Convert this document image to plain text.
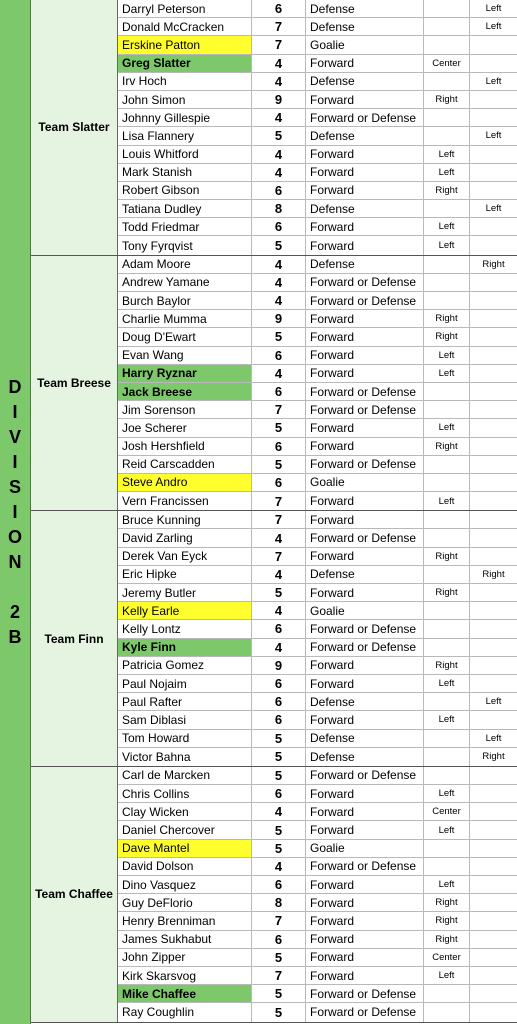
D
I
V
I
S
I
O
N
2
B
Team Slatter
Darryl Peterson	6	Defense	Left
Donald McCracken	7	Defense	Left
Erskine Patton	7	Goalie
Greg Slatter	4	Forward	Center
Irv Hoch	4	Defense	Left
John Simon	9	Forward	Right
Johnny Gillespie	4	Forward or Defense
Lisa Flannery	5	Defense	Left
Louis Whitford	4	Forward	Left
Mark Stanish	4	Forward	Left
Robert Gibson	6	Forward	Right
Tatiana Dudley	8	Defense	Left
Todd Friedmar	6	Forward	Left
Tony Fyrqvist	5	Forward	Left
Team Breese
Adam Moore	4	Defense	Right
Andrew Yamane	4	Forward or Defense
Burch Baylor	4	Forward or Defense
Charlie Mumma	9	Forward	Right
Doug D'Ewart	5	Forward	Right
Evan Wang	6	Forward	Left
Harry Ryznar	4	Forward	Left
Jack Breese	6	Forward or Defense
Jim Sorenson	7	Forward or Defense
Joe Scherer	5	Forward	Left
Josh Hershfield	6	Forward	Right
Reid Carscadden	5	Forward or Defense
Steve Andro	6	Goalie
Vern Francissen	7	Forward	Left
Team Finn
Bruce Kunning	7	Forward
David Zarling	4	Forward or Defense
Derek Van Eyck	7	Forward	Right
Eric Hipke	4	Defense	Right
Jeremy Butler	5	Forward	Right
Kelly Earle	4	Goalie
Kelly Lontz	6	Forward or Defense
Kyle Finn	4	Forward or Defense
Patricia Gomez	9	Forward	Right
Paul Nojaim	6	Forward	Left
Paul Rafter	6	Defense	Left
Sam Diblasi	6	Forward	Left
Tom Howard	5	Defense	Left
Victor Bahna	5	Defense	Right
Team Chaffee
Carl de Marcken	5	Forward or Defense
Chris Collins	6	Forward	Left
Clay Wicken	4	Forward	Center
Daniel Chercover	5	Forward	Left
Dave Mantel	5	Goalie
David Dolson	4	Forward or Defense
Dino Vasquez	6	Forward	Left
Guy DeFlorio	8	Forward	Right
Henry Brenniman	7	Forward	Right
James Sukhabut	6	Forward	Right
John Zipper	5	Forward	Center
Kirk Skarsvog	7	Forward	Left
Mike Chaffee	5	Forward or Defense
Ray Coughlin	5	Forward or Defense
